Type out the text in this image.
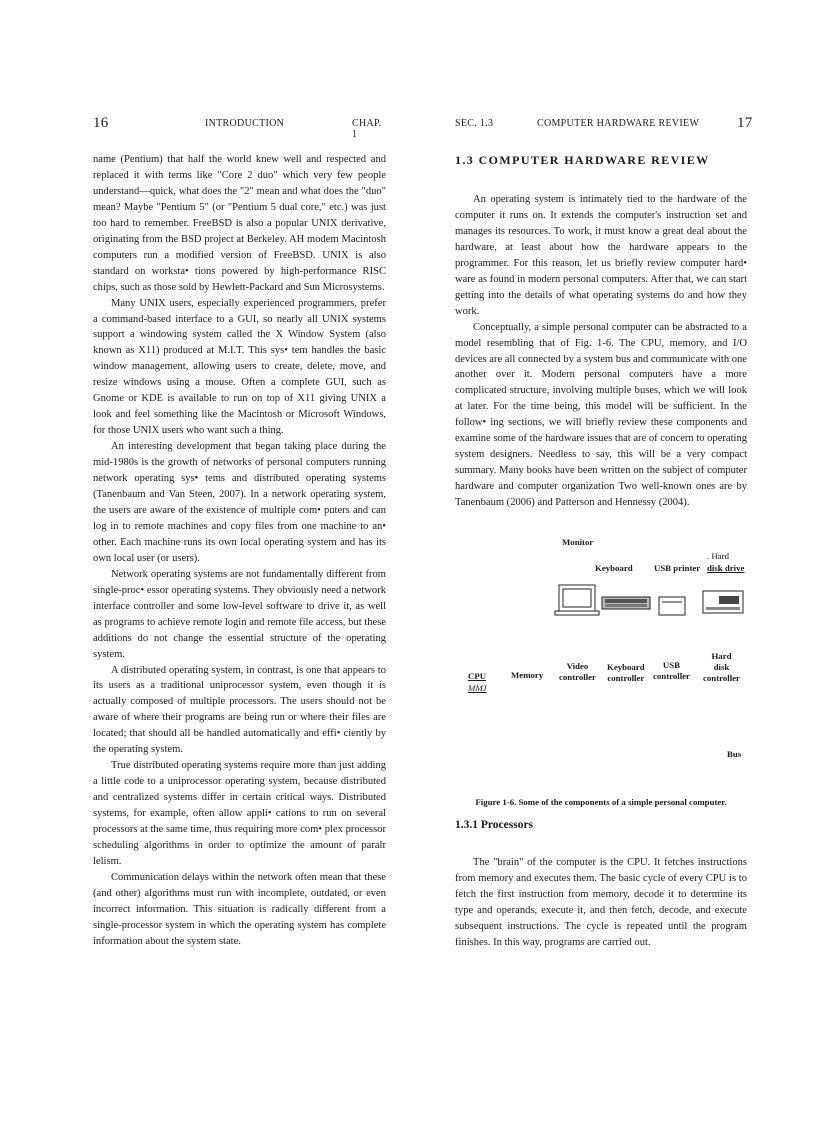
16	INTRODUCTION	CHAP. 1

name (Pentium) that half the world knew well and respected and replaced it with terms like "Core 2 duo" which very few people understand—quick, what does the "2" mean and what does the "duo" mean? Maybe "Pentium 5" (or "Pentium 5 dual core," etc.) was just too hard to remember. FreeBSD is also a popular UNIX derivative, originating from the BSD project at Berkeley. AH modem Macintosh computers run a modified version of FreeBSD. UNIX is also standard on worksta• tions powered by high-performance RISC chips, such as those sold by Hewlett-Packard and Sun Microsystems.

Many UNIX users, especially experienced programmers, prefer a command-based interface to a GUI, so nearly all UNIX systems support a windowing system called the X Window System (also known as X11) produced at M.I.T. This sys• tem handles the basic window management, allowing users to create, delete, move, and resize windows using a mouse. Often a complete GUI, such as Gnome or KDE is available to run on top of X11 giving UNIX a look and feel something like the Macintosh or Microsoft Windows, for those UNIX users who want such a thing.

An interesting development that began taking place during the mid-1980s is the growth of networks of personal computers running network operating sys• tems and distributed operating systems (Tanenbaum and Van Steen, 2007). In a network operating system, the users are aware of the existence of multiple com• puters and can log in to remote machines and copy files from one machine to an• other. Each machine runs its own local operating system and has its own local user (or users).

Network operating systems are not fundamentally different from single-proc• essor operating systems. They obviously need a network interface controller and some low-level software to drive it, as well as programs to achieve remote login and remote file access, but these additions do not change the essential structure of the operating system.

A distributed operating system, in contrast, is one that appears to its users as a traditional uniprocessor system, even though it is actually composed of multiple processors. The users should not be aware of where their programs are being run or where their files are located; that should all be handled automatically and effi• ciently by the operating system.

True distributed operating systems require more than just adding a little code to a uniprocessor operating system, because distributed and centralized systems differ in certain critical ways. Distributed systems, for example, often allow appli• cations to run on several processors at the same time, thus requiring more com• plex processor scheduling algorithms in order to optimize the amount of paralr lelism.

Communication delays within the network often mean that these (and other) algorithms must run with incomplete, outdated, or even incorrect information. This situation is radically different from a single-processor system in which the operating system has complete information about the system state.

SEC. 1.3	COMPUTER HARDWARE REVIEW	17
1.3 COMPUTER HARDWARE REVIEW

An operating system is intimately tied to the hardware of the computer it runs on. It extends the computer's instruction set and manages its resources. To work, it must know a great deal about the hardware, at least about how the hardware appears to the programmer. For this reason, let us briefly review computer hard• ware as found in modern personal computers. After that, we can start getting into the details of what operating systems do and how they work.

Conceptually, a simple personal computer can be abstracted to a model resembling that of Fig. 1-6. The CPU, memory, and I/O devices are all connected by a system bus and communicate with one another over it. Modern personal computers have a more complicated structure, involving multiple buses, which we will look at later. For the time being, this model will be sufficient. In the follow• ing sections, we will briefly review these components and examine some of the hardware issues that are of concern to operating system designers. Needless to say, this will be a very compact summary. Many books have been written on the subject of computer hardware and computer organization Two well-known ones are by Tanenbaum (2006) and Patterson and Hennessy (2004).

Monitor
Keyboard USB printer
. Hard
disk drive
CPU
MMJ
Memory
Video
controller
Keyboard
controller
USB
controller
Hard
disk
controller
Bus
Figure 1-6. Some of the components of a simple personal computer.
1.3.1 Processors

The "brain" of the computer is the CPU. It fetches instructions from memory and executes them. The basic cycle of every CPU is to fetch the first instruction from memory, decode it to determine its type and operands, execute it, and then fetch, decode, and execute subsequent instructions. The cycle is repeated until the program finishes. In this way, programs are carried out.
